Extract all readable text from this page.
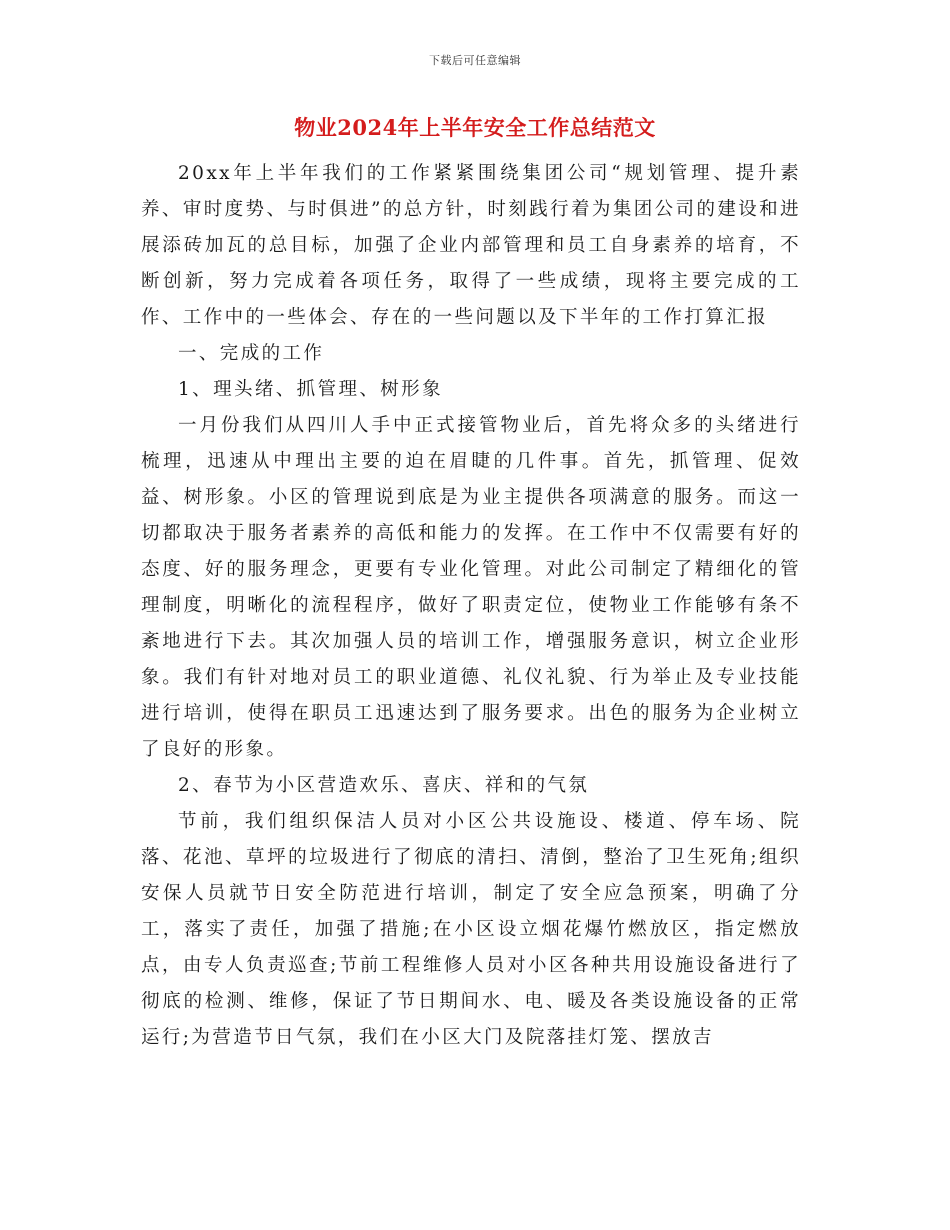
下载后可任意编辑
物业2024年上半年安全工作总结范文

20xx年上半年我们的工作紧紧围绕集团公司“规划管理、提升素养、审时度势、与时俱进”的总方针，时刻践行着为集团公司的建设和进展添砖加瓦的总目标，加强了企业内部管理和员工自身素养的培育，不断创新，努力完成着各项任务，取得了一些成绩，现将主要完成的工作、工作中的一些体会、存在的一些问题以及下半年的工作打算汇报

一、完成的工作

1、理头绪、抓管理、树形象

一月份我们从四川人手中正式接管物业后，首先将众多的头绪进行梳理，迅速从中理出主要的迫在眉睫的几件事。首先，抓管理、促效益、树形象。小区的管理说到底是为业主提供各项满意的服务。而这一切都取决于服务者素养的高低和能力的发挥。在工作中不仅需要有好的态度、好的服务理念，更要有专业化管理。对此公司制定了精细化的管理制度，明晰化的流程程序，做好了职责定位，使物业工作能够有条不紊地进行下去。其次加强人员的培训工作，增强服务意识，树立企业形象。我们有针对地对员工的职业道德、礼仪礼貌、行为举止及专业技能进行培训，使得在职员工迅速达到了服务要求。出色的服务为企业树立了良好的形象。

2、春节为小区营造欢乐、喜庆、祥和的气氛

节前，我们组织保洁人员对小区公共设施设、楼道、停车场、院落、花池、草坪的垃圾进行了彻底的清扫、清倒，整治了卫生死角;组织安保人员就节日安全防范进行培训，制定了安全应急预案，明确了分工，落实了责任，加强了措施;在小区设立烟花爆竹燃放区，指定燃放点，由专人负责巡查;节前工程维修人员对小区各种共用设施设备进行了彻底的检测、维修，保证了节日期间水、电、暖及各类设施设备的正常运行;为营造节日气氛，我们在小区大门及院落挂灯笼、摆放吉
